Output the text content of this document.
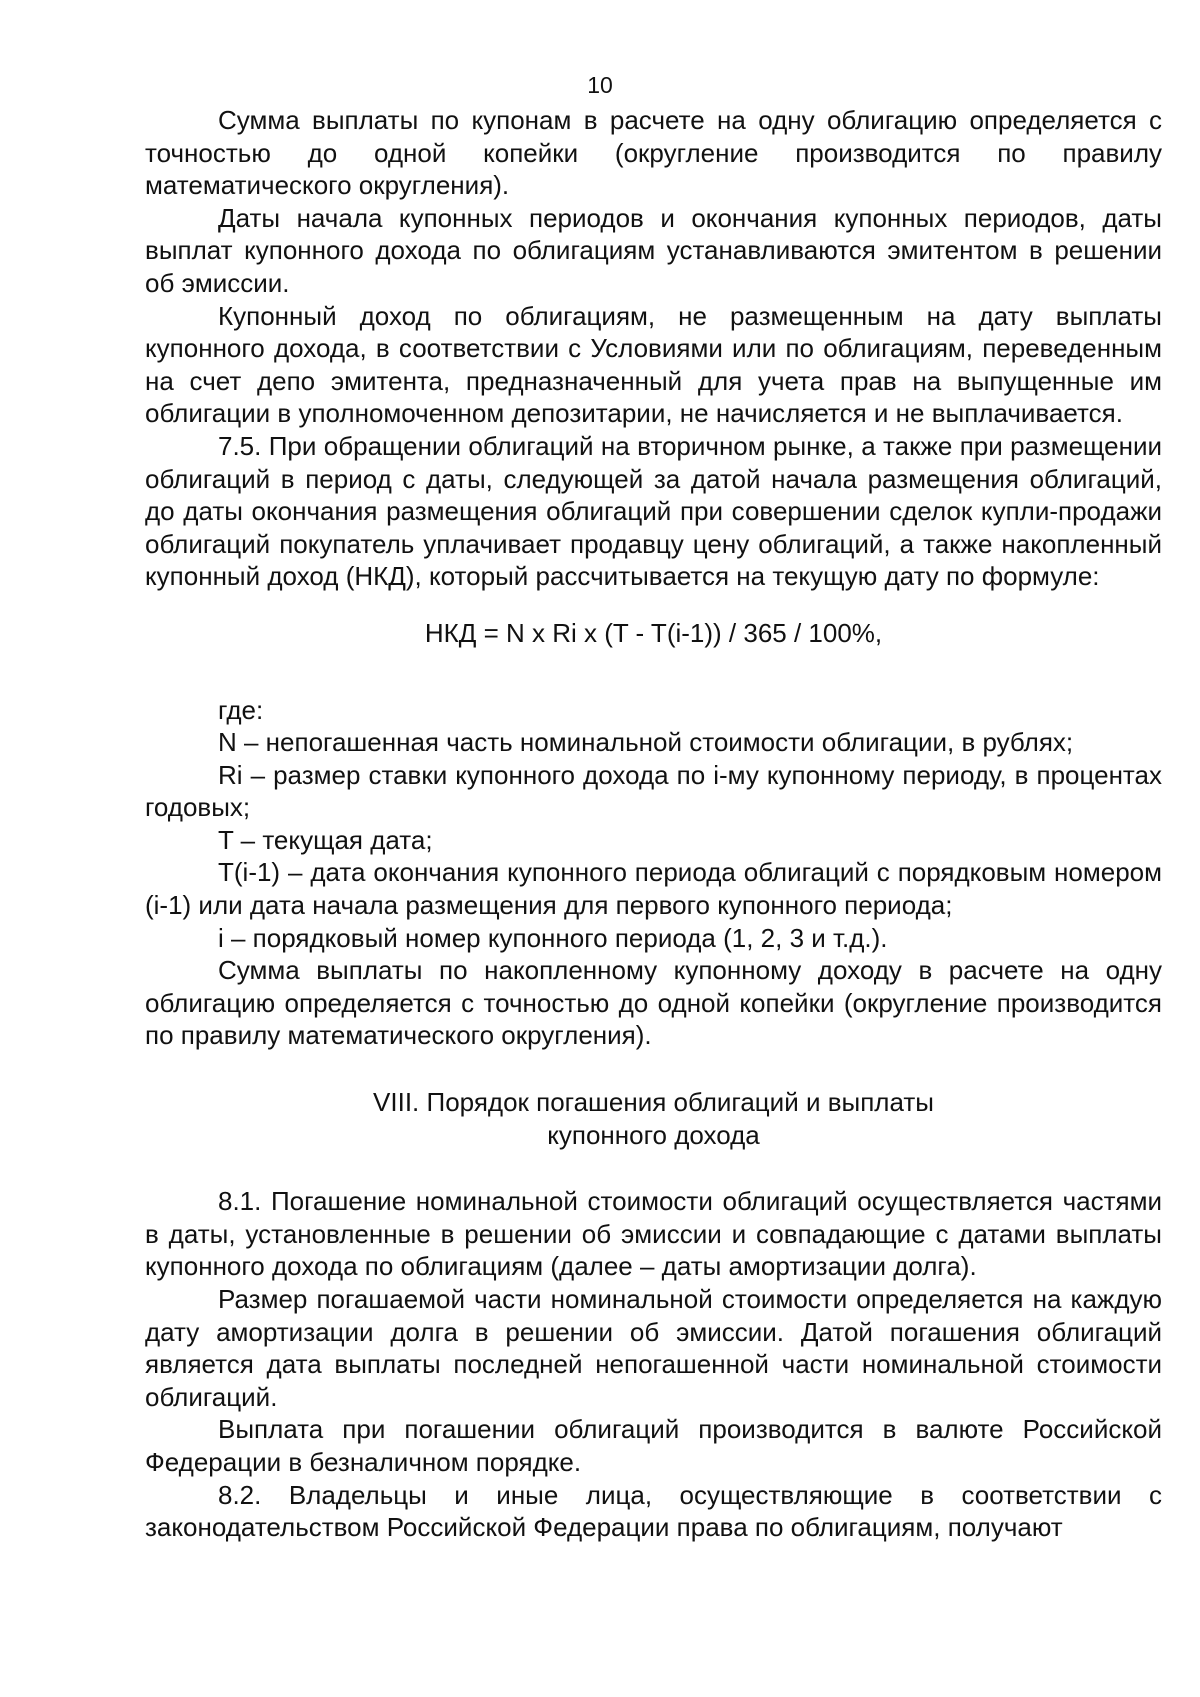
10

Сумма выплаты по купонам в расчете на одну облигацию определяется с точностью до одной копейки (округление производится по правилу математического округления).

Даты начала купонных периодов и окончания купонных периодов, даты выплат купонного дохода по облигациям устанавливаются эмитентом в решении об эмиссии.

Купонный доход по облигациям, не размещенным на дату выплаты купонного дохода, в соответствии с Условиями или по облигациям, переведенным на счет депо эмитента, предназначенный для учета прав на выпущенные им облигации в уполномоченном депозитарии, не начисляется и не выплачивается.

7.5. При обращении облигаций на вторичном рынке, а также при размещении облигаций в период с даты, следующей за датой начала размещения облигаций, до даты окончания размещения облигаций при совершении сделок купли-продажи облигаций покупатель уплачивает продавцу цену облигаций, а также накопленный купонный доход (НКД), который рассчитывается на текущую дату по формуле:

НКД = N x Ri x (T - T(i-1)) / 365 / 100%,

где:

N – непогашенная часть номинальной стоимости облигации, в рублях;

Ri – размер ставки купонного дохода по i-му купонному периоду, в процентах годовых;

T – текущая дата;

T(i-1) – дата окончания купонного периода облигаций с порядковым номером (i-1) или дата начала размещения для первого купонного периода;

i – порядковый номер купонного периода (1, 2, 3 и т.д.).

Сумма выплаты по накопленному купонному доходу в расчете на одну облигацию определяется с точностью до одной копейки (округление производится по правилу математического округления).

VIII. Порядок погашения облигаций и выплаты
купонного дохода

8.1. Погашение номинальной стоимости облигаций осуществляется частями в даты, установленные в решении об эмиссии и совпадающие с датами выплаты купонного дохода по облигациям (далее – даты амортизации долга).

Размер погашаемой части номинальной стоимости определяется на каждую дату амортизации долга в решении об эмиссии. Датой погашения облигаций является дата выплаты последней непогашенной части номинальной стоимости облигаций.

Выплата при погашении облигаций производится в валюте Российской Федерации в безналичном порядке.

8.2. Владельцы и иные лица, осуществляющие в соответствии с законодательством Российской Федерации права по облигациям, получают
